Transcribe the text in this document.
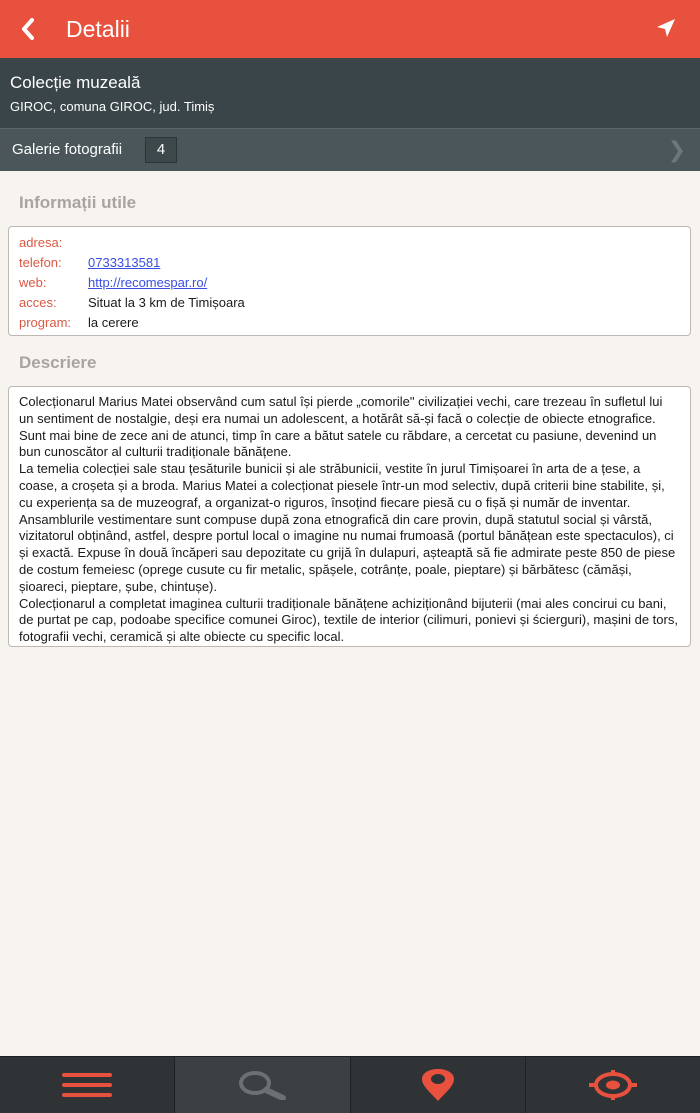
Detalii
Colecție muzeală
GIROC, comuna GIROC, jud. Timiș
Galerie fotografii	4	❯
Informații utile
adresa:
telefon:	0733313581
web:	http://recomespar.ro/
acces:	Situat la 3 km de Timișoara
program:	la cerere
Descriere
Colecționarul Marius Matei observând cum satul își pierde „comorile" civilizației vechi, care trezeau în sufletul lui un sentiment de nostalgie, deși era numai un adolescent, a hotărât să-și facă o colecție de obiecte etnografice. Sunt mai bine de zece ani de atunci, timp în care a bătut satele cu răbdare, a cercetat cu pasiune, devenind un bun cunoscător al culturii tradiționale bănățene.
La temelia colecției sale stau țesăturile bunicii și ale străbunicii, vestite în jurul Timișoarei în arta de a țese, a coase, a croșeta și a broda. Marius Matei a colecționat piesele într-un mod selectiv, după criterii bine stabilite, și, cu experiența sa de muzeograf, a organizat-o riguros, însoțind fiecare piesă cu o fișă și număr de inventar. Ansamblurile vestimentare sunt compuse după zona etnografică din care provin, după statutul social și vârstă, vizitatorul obținând, astfel, despre portul local o imagine nu numai frumoasă (portul bănățean este spectaculos), ci și exactă. Expuse în două încăperi sau depozitate cu grijă în dulapuri, așteaptă să fie admirate peste 850 de piese de costum femeiesc (oprege cusute cu fir metalic, spășele, cotrânțe, poale, pieptare) și bărbătesc (cămăși, șioareci, pieptare, șube, chintușe).
Colecționarul a completat imaginea culturii tradiționale bănățene achiziționând bijuterii (mai ales concirui cu bani, de purtat pe cap, podoabe specifice comunei Giroc), textile de interior (cilimuri, ponievi și ścierguri), mașini de tors, fotografii vechi, ceramică și alte obiecte cu specific local.
